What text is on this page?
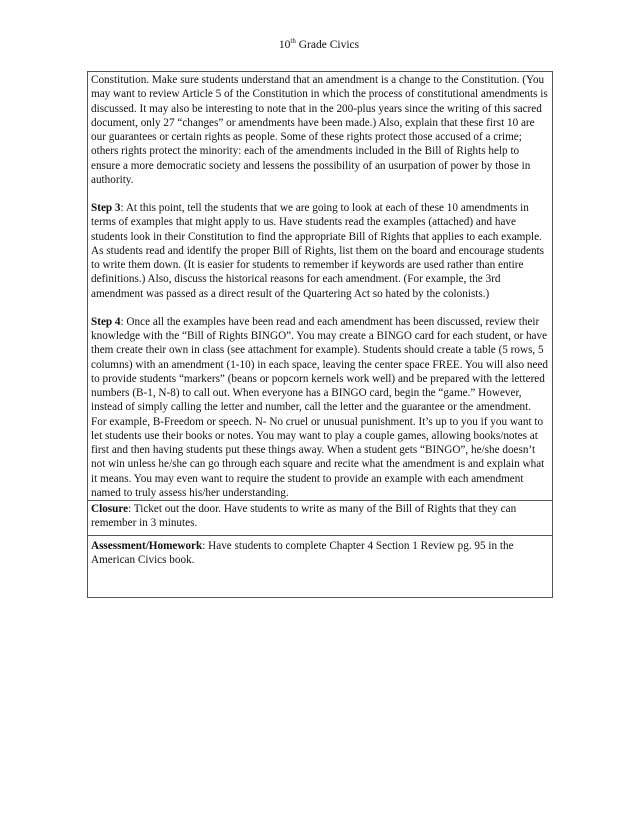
10th Grade Civics

Constitution. Make sure students understand that an amendment is a change to the Constitution. (You may want to review Article 5 of the Constitution in which the process of constitutional amendments is discussed. It may also be interesting to note that in the 200-plus years since the writing of this sacred document, only 27 “changes” or amendments have been made.) Also, explain that these first 10 are our guarantees or certain rights as people. Some of these rights protect those accused of a crime; others rights protect the minority: each of the amendments included in the Bill of Rights help to ensure a more democratic society and lessens the possibility of an usurpation of power by those in authority.

Step 3: At this point, tell the students that we are going to look at each of these 10 amendments in terms of examples that might apply to us. Have students read the examples (attached) and have students look in their Constitution to find the appropriate Bill of Rights that applies to each example. As students read and identify the proper Bill of Rights, list them on the board and encourage students to write them down. (It is easier for students to remember if keywords are used rather than entire definitions.) Also, discuss the historical reasons for each amendment. (For example, the 3rd amendment was passed as a direct result of the Quartering Act so hated by the colonists.)

Step 4: Once all the examples have been read and each amendment has been discussed, review their knowledge with the “Bill of Rights BINGO”. You may create a BINGO card for each student, or have them create their own in class (see attachment for example). Students should create a table (5 rows, 5 columns) with an amendment (1-10) in each space, leaving the center space FREE. You will also need to provide students “markers” (beans or popcorn kernels work well) and be prepared with the lettered numbers (B-1, N-8) to call out. When everyone has a BINGO card, begin the “game.” However, instead of simply calling the letter and number, call the letter and the guarantee or the amendment. For example, B-Freedom or speech. N- No cruel or unusual punishment. It’s up to you if you want to let students use their books or notes. You may want to play a couple games, allowing books/notes at first and then having students put these things away. When a student gets “BINGO”, he/she doesn’t not win unless he/she can go through each square and recite what the amendment is and explain what it means. You may even want to require the student to provide an example with each amendment named to truly assess his/her understanding.

Closure: Ticket out the door. Have students to write as many of the Bill of Rights that they can remember in 3 minutes.

Assessment/Homework: Have students to complete Chapter 4 Section 1 Review pg. 95 in the American Civics book.
